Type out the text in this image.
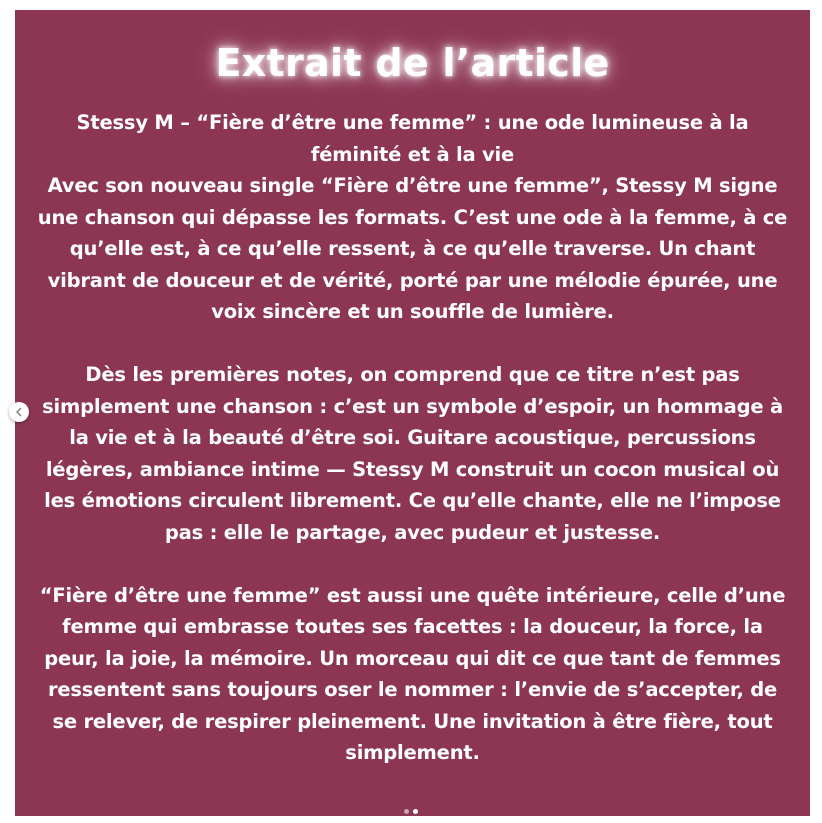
Extrait de l’article

Stessy M – “Fière d’être une femme” : une ode lumineuse à la féminité et à la vie

Avec son nouveau single “Fière d’être une femme”, Stessy M signe une chanson qui dépasse les formats. C’est une ode à la femme, à ce qu’elle est, à ce qu’elle ressent, à ce qu’elle traverse. Un chant vibrant de douceur et de vérité, porté par une mélodie épurée, une voix sincère et un souffle de lumière.

Dès les premières notes, on comprend que ce titre n’est pas simplement une chanson : c’est un symbole d’espoir, un hommage à la vie et à la beauté d’être soi. Guitare acoustique, percussions légères, ambiance intime — Stessy M construit un cocon musical où les émotions circulent librement. Ce qu’elle chante, elle ne l’impose pas : elle le partage, avec pudeur et justesse.

“Fière d’être une femme” est aussi une quête intérieure, celle d’une femme qui embrasse toutes ses facettes : la douceur, la force, la peur, la joie, la mémoire. Un morceau qui dit ce que tant de femmes ressentent sans toujours oser le nommer : l’envie de s’accepter, de se relever, de respirer pleinement. Une invitation à être fière, tout simplement.
